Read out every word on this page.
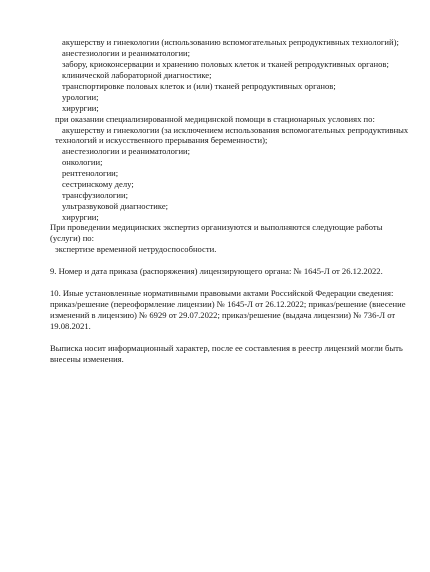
акушерству и гинекологии (использованию вспомогательных репродуктивных технологий);
анестезиологии и реаниматологии;
забору, криоконсервации и хранению половых клеток и тканей репродуктивных органов;
клинической лабораторной диагностике;
транспортировке половых клеток и (или) тканей репродуктивных органов;
урологии;
хирургии;
при оказании специализированной медицинской помощи в стационарных условиях по:
акушерству и гинекологии (за исключением использования вспомогательных репродуктивных
технологий и искусственного прерывания беременности);
анестезиологии и реаниматологии;
онкологии;
рентгенологии;
сестринскому делу;
трансфузиологии;
ультразвуковой диагностике;
хирургии;
При проведении медицинских экспертиз организуются и выполняются следующие работы
(услуги) по:
экспертизе временной нетрудоспособности.
9. Номер и дата приказа (распоряжения) лицензирующего органа: № 1645-Л от 26.12.2022.
10. Иные установленные нормативными правовыми актами Российской Федерации сведения:
приказ/решение (переоформление лицензии) № 1645-Л от 26.12.2022; приказ/решение (внесение
изменений в лицензию) № 6929 от 29.07.2022; приказ/решение (выдача лицензии) № 736-Л от
19.08.2021.
Выписка носит информационный характер, после ее составления в реестр лицензий могли быть
внесены изменения.
